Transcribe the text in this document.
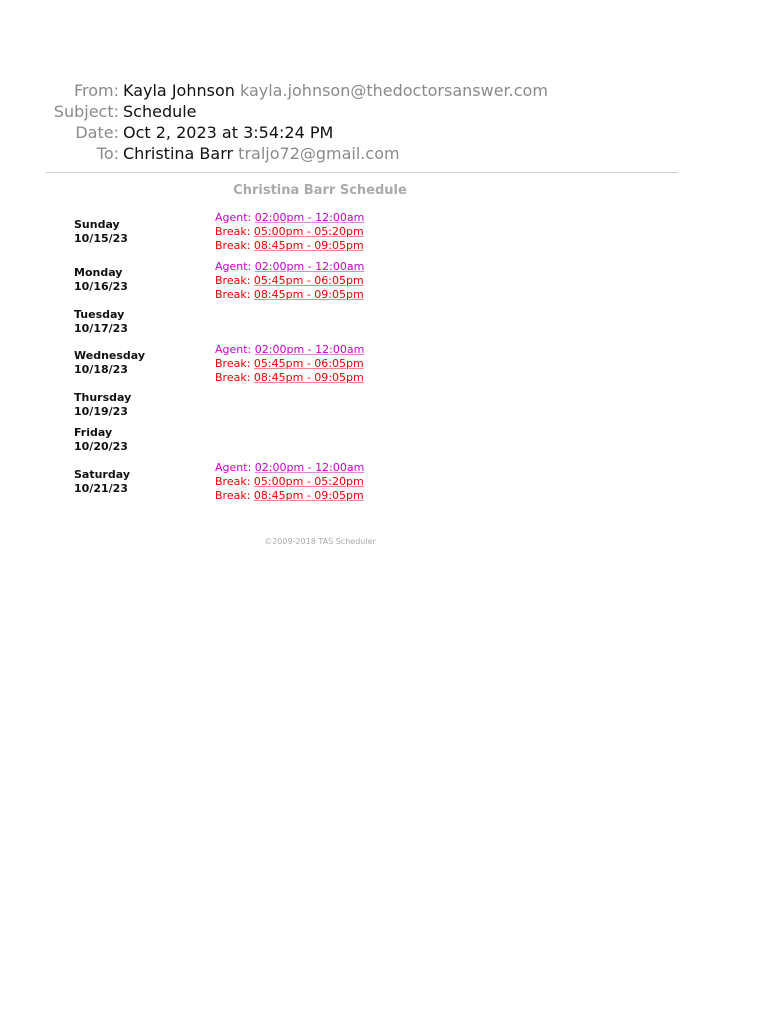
From: Kayla Johnson kayla.johnson@thedoctorsanswer.com
Subject: Schedule
Date: Oct 2, 2023 at 3:54:24 PM
To: Christina Barr traljo72@gmail.com
Christina Barr Schedule
Sunday
10/15/23
Agent: 02:00pm - 12:00am
Break: 05:00pm - 05:20pm
Break: 08:45pm - 09:05pm
Monday
10/16/23
Agent: 02:00pm - 12:00am
Break: 05:45pm - 06:05pm
Break: 08:45pm - 09:05pm
Tuesday
10/17/23
Wednesday
10/18/23
Agent: 02:00pm - 12:00am
Break: 05:45pm - 06:05pm
Break: 08:45pm - 09:05pm
Thursday
10/19/23
Friday
10/20/23
Saturday
10/21/23
Agent: 02:00pm - 12:00am
Break: 05:00pm - 05:20pm
Break: 08:45pm - 09:05pm
©2009-2018 TAS Scheduler
